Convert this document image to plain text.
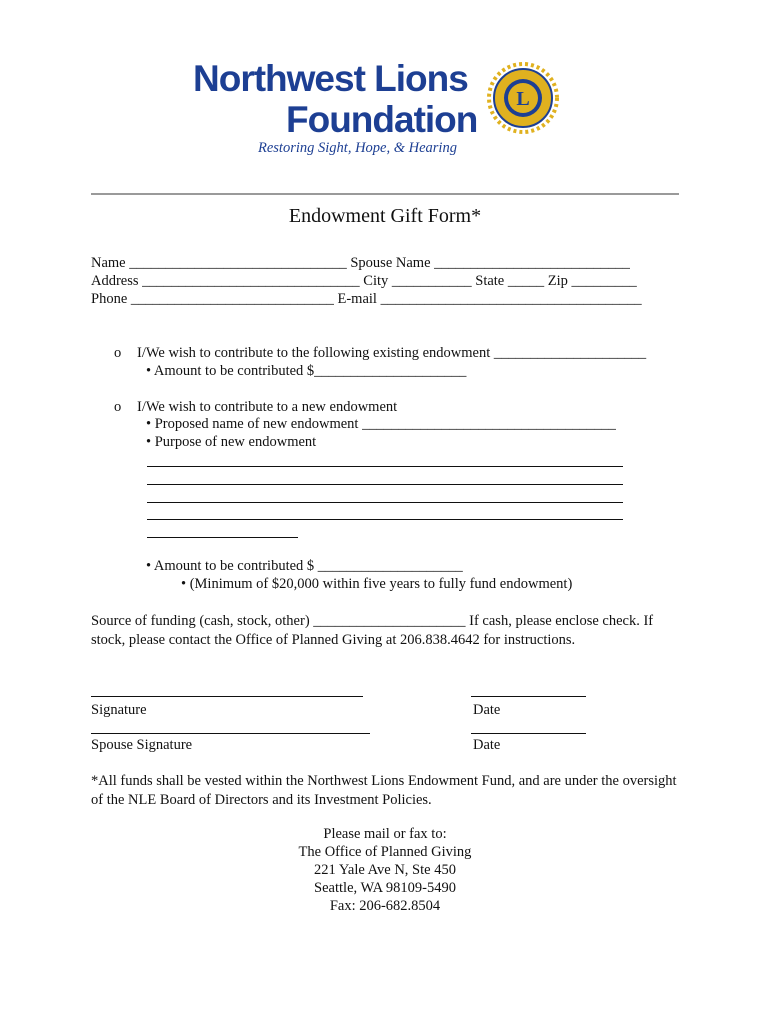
Northwest Lions
Foundation
Restoring Sight, Hope, & Hearing
L
Endowment Gift Form*
Name ______________________________ Spouse Name ___________________________
Address ______________________________ City ___________ State _____ Zip _________
Phone ____________________________ E-mail ____________________________________
o I/We wish to contribute to the following existing endowment _____________________
• Amount to be contributed $_____________________
o I/We wish to contribute to a new endowment
• Proposed name of new endowment ___________________________________
• Purpose of new endowment
• Amount to be contributed $ ____________________
• (Minimum of $20,000 within five years to fully fund endowment)
Source of funding (cash, stock, other) _____________________ If cash, please enclose check. If stock, please contact the Office of Planned Giving at 206.838.4642 for instructions.
Signature	Date
Spouse Signature	Date
*All funds shall be vested within the Northwest Lions Endowment Fund, and are under the oversight of the NLE Board of Directors and its Investment Policies.
Please mail or fax to:
The Office of Planned Giving
221 Yale Ave N, Ste 450
Seattle, WA 98109-5490
Fax: 206-682.8504
